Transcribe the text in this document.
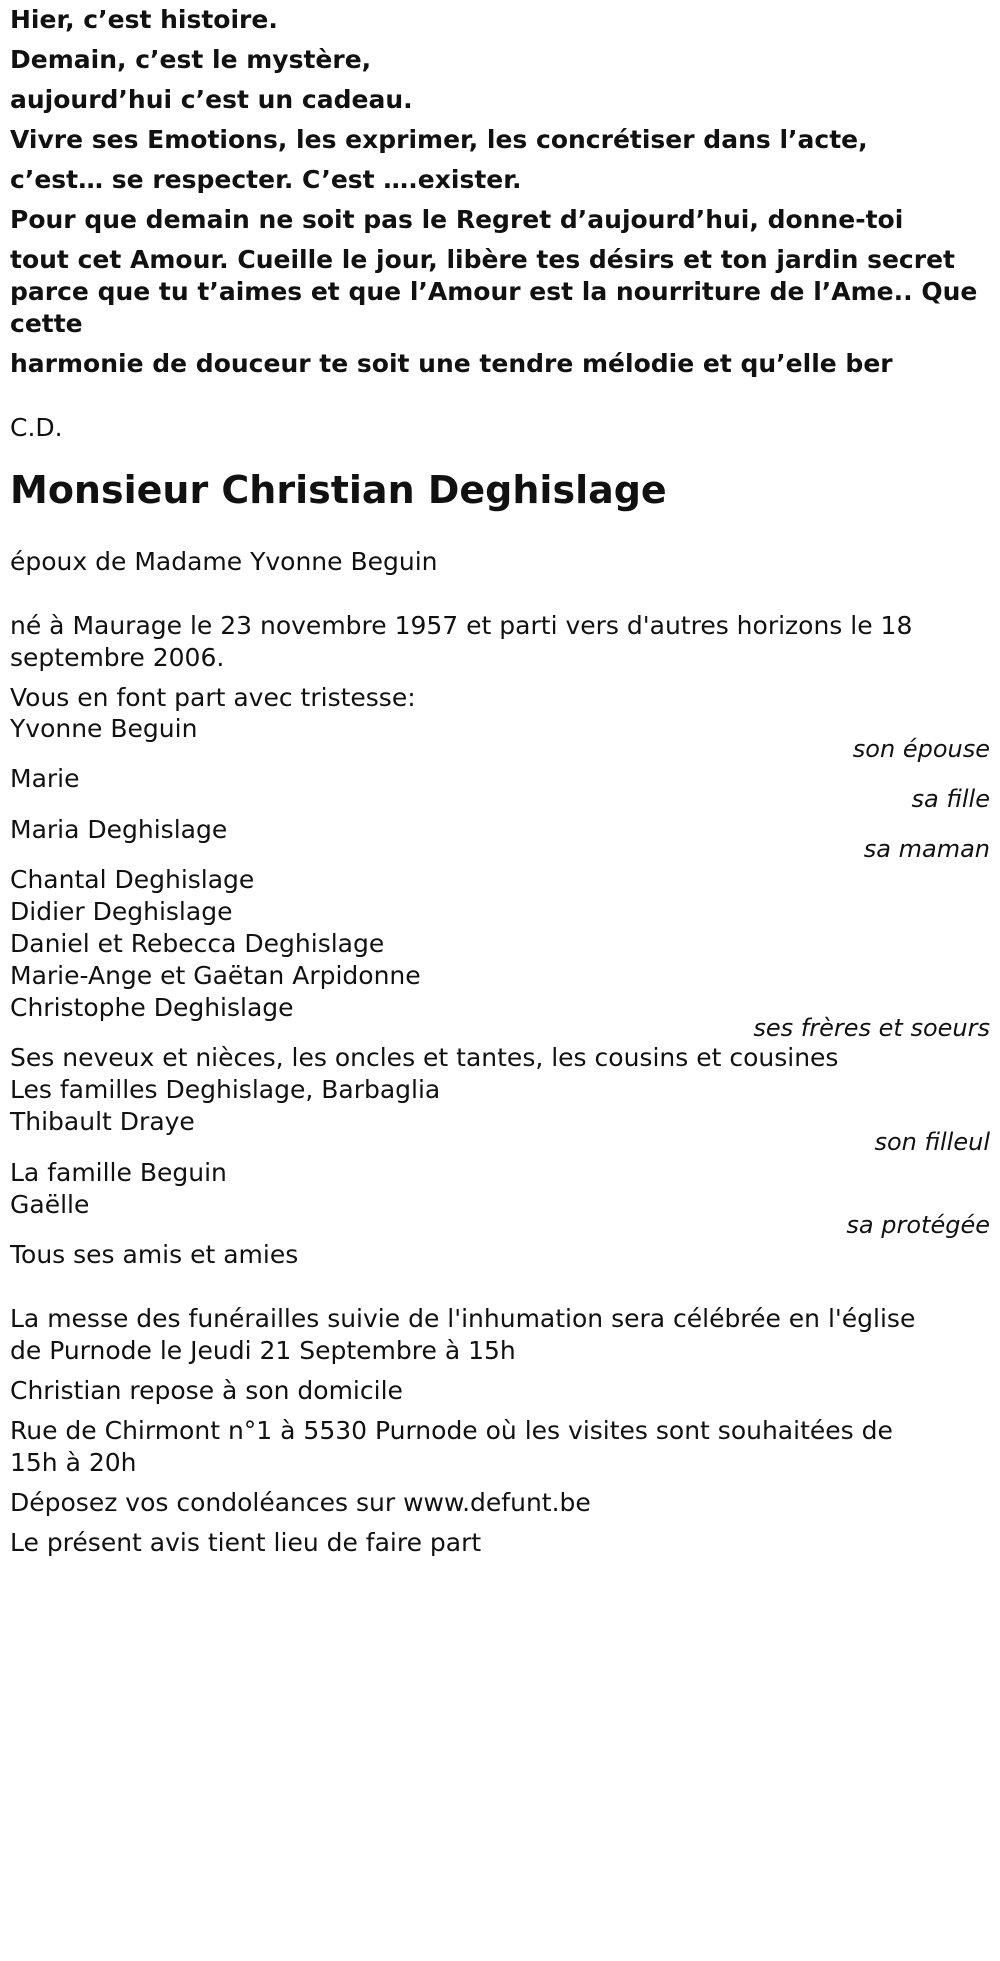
Hier, c’est histoire.
Demain, c’est le mystère,
aujourd’hui c’est un cadeau.
Vivre ses Emotions, les exprimer, les concrétiser dans l’acte,
c’est… se respecter. C’est ….exister.
Pour que demain ne soit pas le Regret d’aujourd’hui, donne-toi
tout cet Amour. Cueille le jour, libère tes désirs et ton jardin secret
parce que tu t’aimes et que l’Amour est la nourriture de l’Ame.. Que
cette
harmonie de douceur te soit une tendre mélodie et qu’elle ber
C.D.
Monsieur Christian Deghislage
époux de Madame Yvonne Beguin
né à Maurage le 23 novembre 1957 et parti vers d'autres horizons le 18
septembre 2006.
Vous en font part avec tristesse:
Yvonne Beguin
son épouse
Marie
sa fille
Maria Deghislage
sa maman
Chantal Deghislage
Didier Deghislage
Daniel et Rebecca Deghislage
Marie-Ange et Gaëtan Arpidonne
Christophe Deghislage
ses frères et soeurs
Ses neveux et nièces, les oncles et tantes, les cousins et cousines
Les familles Deghislage, Barbaglia
Thibault Draye
son filleul
La famille Beguin
Gaëlle
sa protégée
Tous ses amis et amies
La messe des funérailles suivie de l'inhumation sera célébrée en l'église
de Purnode le Jeudi 21 Septembre à 15h
Christian repose à son domicile
Rue de Chirmont n°1 à 5530 Purnode où les visites sont souhaitées de
15h à 20h
Déposez vos condoléances sur www.defunt.be
Le présent avis tient lieu de faire part
